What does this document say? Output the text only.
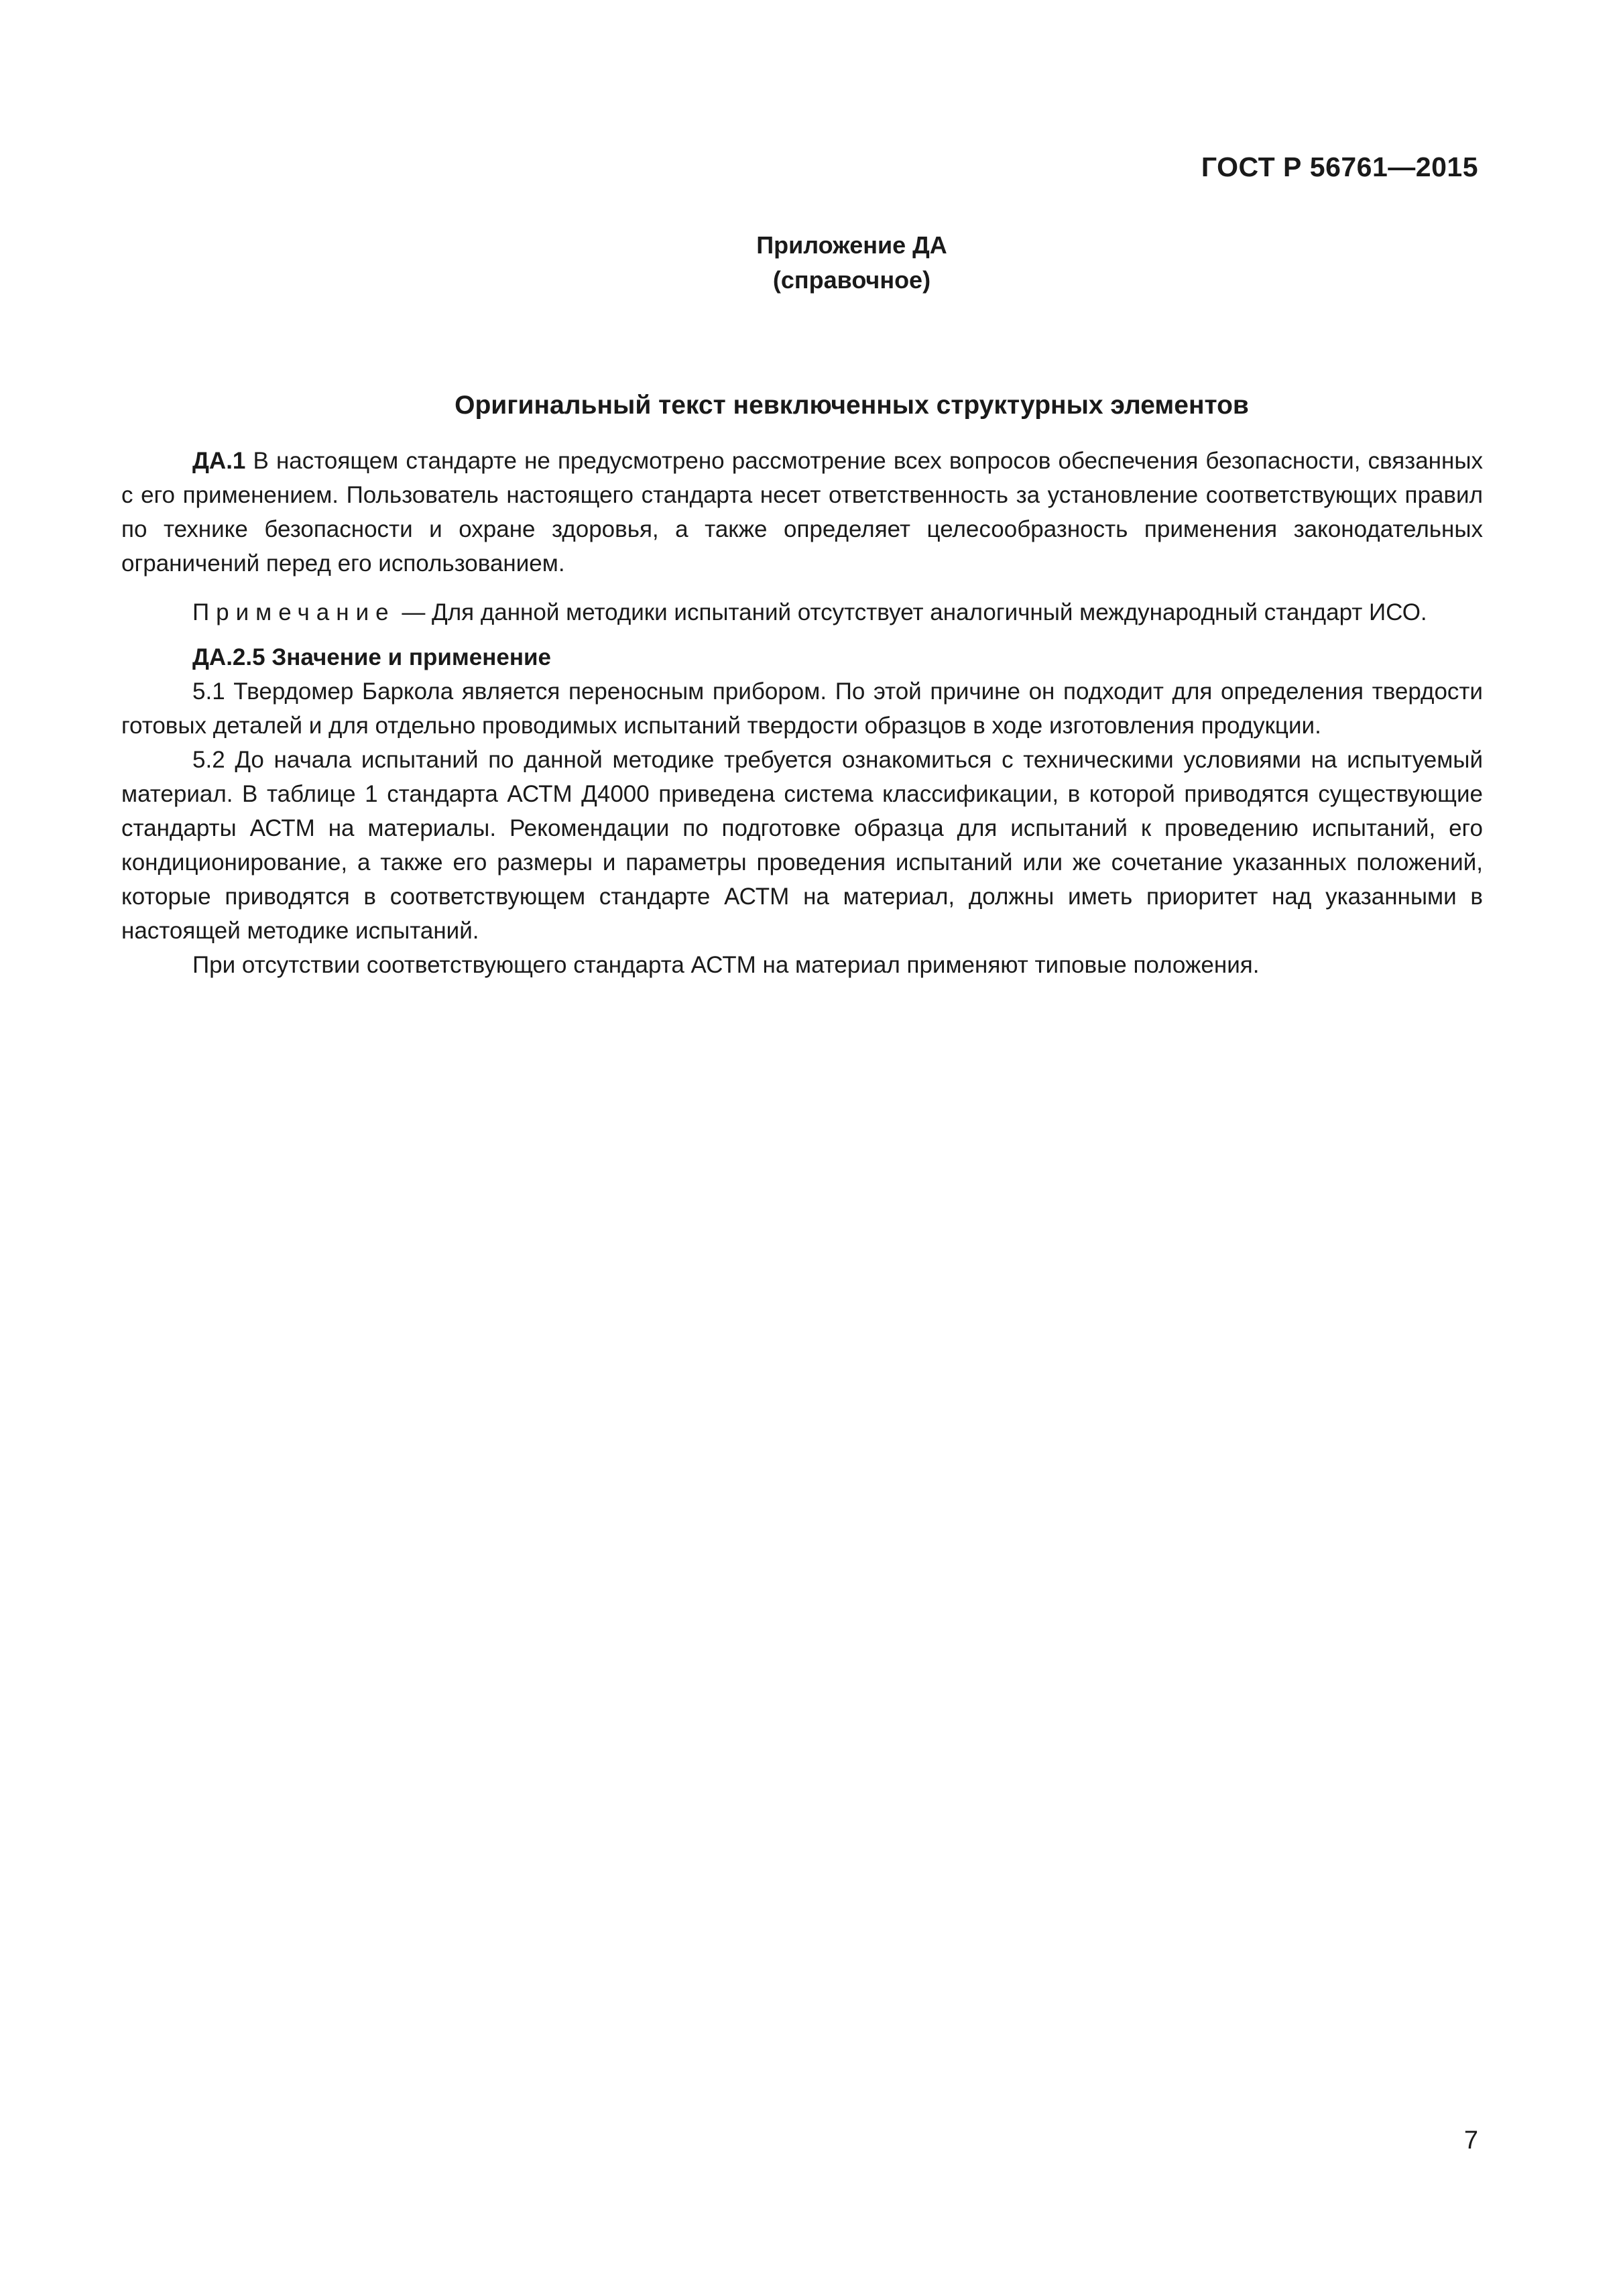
ГОСТ Р 56761—2015
Приложение ДА
(справочное)
Оригинальный текст невключенных структурных элементов

ДА.1 В настоящем стандарте не предусмотрено рассмотрение всех вопросов обеспечения безопасности, связанных с его применением. Пользователь настоящего стандарта несет ответственность за установление соответствующих правил по технике безопасности и охране здоровья, а также определяет целесообразность применения законодательных ограничений перед его использованием.

Примечание — Для данной методики испытаний отсутствует аналогичный международный стандарт ИСО.

ДА.2.5 Значение и применение

5.1 Твердомер Баркола является переносным прибором. По этой причине он подходит для определения твердости готовых деталей и для отдельно проводимых испытаний твердости образцов в ходе изготовления продукции.

5.2 До начала испытаний по данной методике требуется ознакомиться с техническими условиями на испытуемый материал. В таблице 1 стандарта АСТМ Д4000 приведена система классификации, в которой приводятся существующие стандарты АСТМ на материалы. Рекомендации по подготовке образца для испытаний к проведению испытаний, его кондиционирование, а также его размеры и параметры проведения испытаний или же сочетание указанных положений, которые приводятся в соответствующем стандарте АСТМ на материал, должны иметь приоритет над указанными в настоящей методике испытаний.

При отсутствии соответствующего стандарта АСТМ на материал применяют типовые положения.

7
